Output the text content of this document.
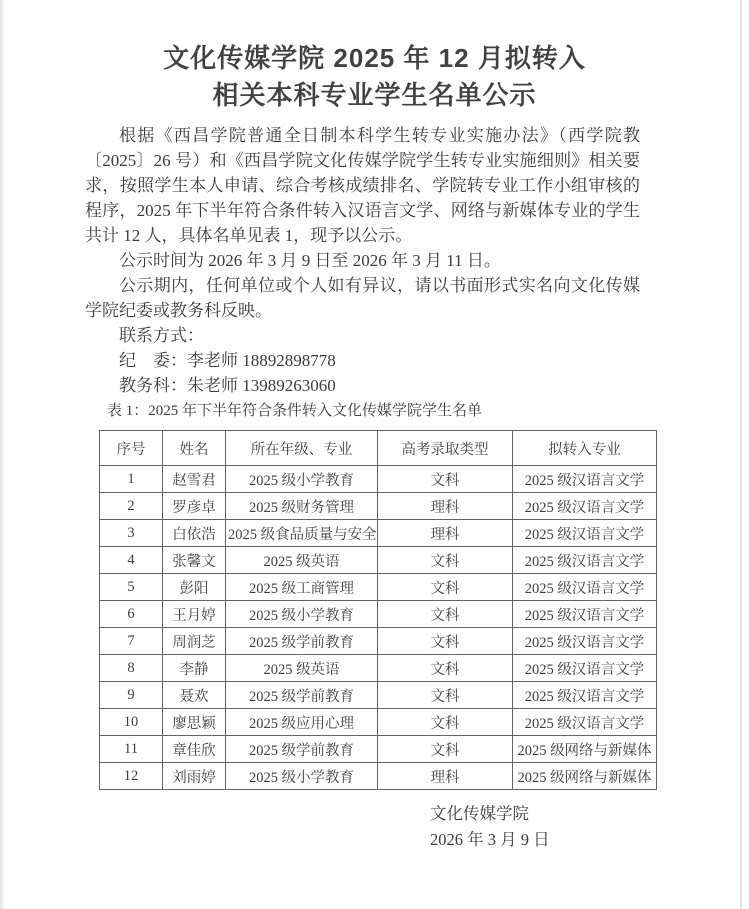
文化传媒学院 2025 年 12 月拟转入
相关本科专业学生名单公示

根据《西昌学院普通全日制本科学生转专业实施办法》（西学院教〔2025〕26 号）和《西昌学院文化传媒学院学生转专业实施细则》相关要求，按照学生本人申请、综合考核成绩排名、学院转专业工作小组审核的程序，2025 年下半年符合条件转入汉语言文学、网络与新媒体专业的学生共计 12 人，具体名单见表 1，现予以公示。

公示时间为 2026 年 3 月 9 日至 2026 年 3 月 11 日。

公示期内，任何单位或个人如有异议，请以书面形式实名向文化传媒学院纪委或教务科反映。

联系方式：
纪　委：李老师 18892898778
教务科：朱老师 13989263060
表 1：2025 年下半年符合条件转入文化传媒学院学生名单
序号	姓名	所在年级、专业	高考录取类型	拟转入专业
1	赵雪君	2025 级小学教育	文科	2025 级汉语言文学
2	罗彦卓	2025 级财务管理	理科	2025 级汉语言文学
3	白依浩	2025 级食品质量与安全	理科	2025 级汉语言文学
4	张馨文	2025 级英语	文科	2025 级汉语言文学
5	彭阳	2025 级工商管理	文科	2025 级汉语言文学
6	王月婷	2025 级小学教育	文科	2025 级汉语言文学
7	周润芝	2025 级学前教育	文科	2025 级汉语言文学
8	李静	2025 级英语	文科	2025 级汉语言文学
9	聂欢	2025 级学前教育	文科	2025 级汉语言文学
10	廖思颖	2025 级应用心理	文科	2025 级汉语言文学
11	章佳欣	2025 级学前教育	文科	2025 级网络与新媒体
12	刘雨婷	2025 级小学教育	理科	2025 级网络与新媒体
文化传媒学院
2026 年 3 月 9 日
